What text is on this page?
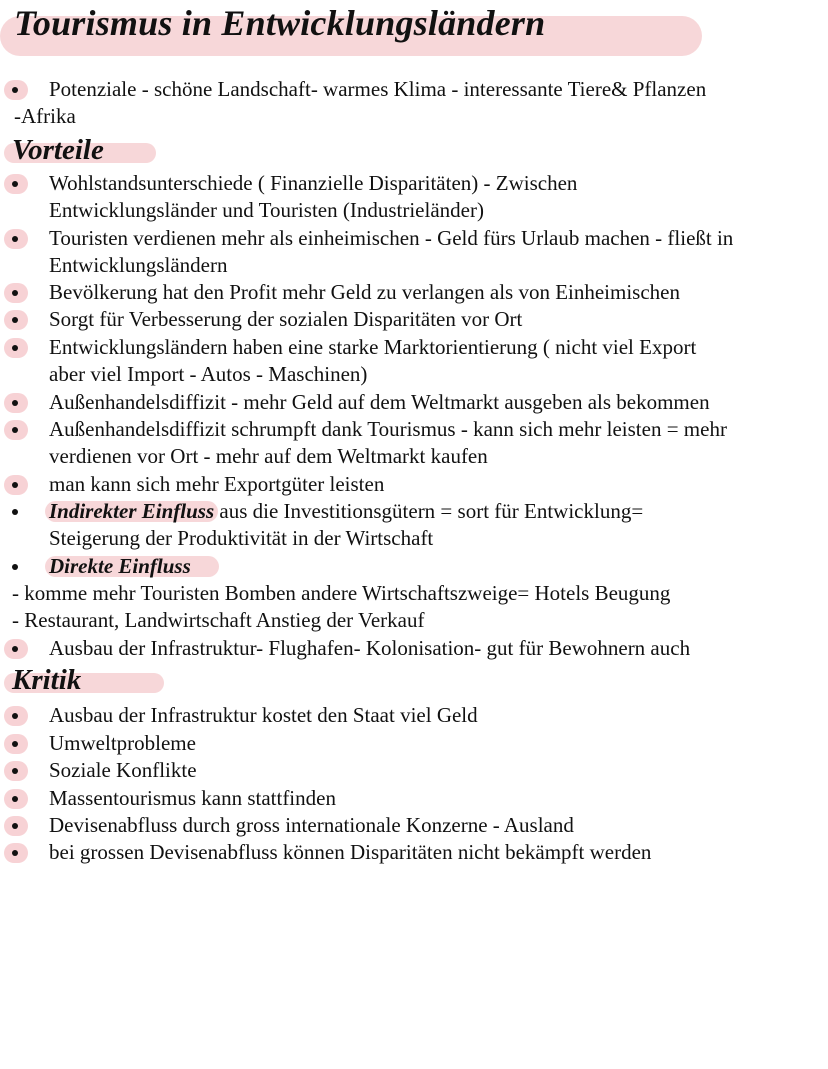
Tourismus in Entwicklungsländern
Potenziale - schöne Landschaft- warmes Klima - interessante Tiere& Pflanzen
-Afrika
Vorteile
Wohlstandsunterschiede ( Finanzielle Disparitäten) - Zwischen
Entwicklungsländer und Touristen (Industrieländer)
Touristen verdienen mehr als einheimischen - Geld fürs Urlaub machen - fließt in
Entwicklungsländern
Bevölkerung hat den Profit mehr Geld zu verlangen als von Einheimischen
Sorgt für Verbesserung der sozialen Disparitäten vor Ort
Entwicklungsländern haben eine starke Marktorientierung ( nicht viel Export
aber viel Import - Autos - Maschinen)
Außenhandelsdiffizit - mehr Geld auf dem Weltmarkt ausgeben als bekommen
Außenhandelsdiffizit schrumpft dank Tourismus - kann sich mehr leisten = mehr
verdienen vor Ort - mehr auf dem Weltmarkt kaufen
man kann sich mehr Exportgüter leisten
Indirekter Einfluss aus die Investitionsgütern = sort für Entwicklung=
Steigerung der Produktivität in der Wirtschaft
Direkte Einfluss
- komme mehr Touristen Bomben andere Wirtschaftszweige= Hotels Beugung
- Restaurant, Landwirtschaft Anstieg der Verkauf
Ausbau der Infrastruktur- Flughafen- Kolonisation- gut für Bewohnern auch
Kritik
Ausbau der Infrastruktur kostet den Staat viel Geld
Umweltprobleme
Soziale Konflikte
Massentourismus kann stattfinden
Devisenabfluss durch gross internationale Konzerne - Ausland
bei grossen Devisenabfluss können Disparitäten nicht bekämpft werden
